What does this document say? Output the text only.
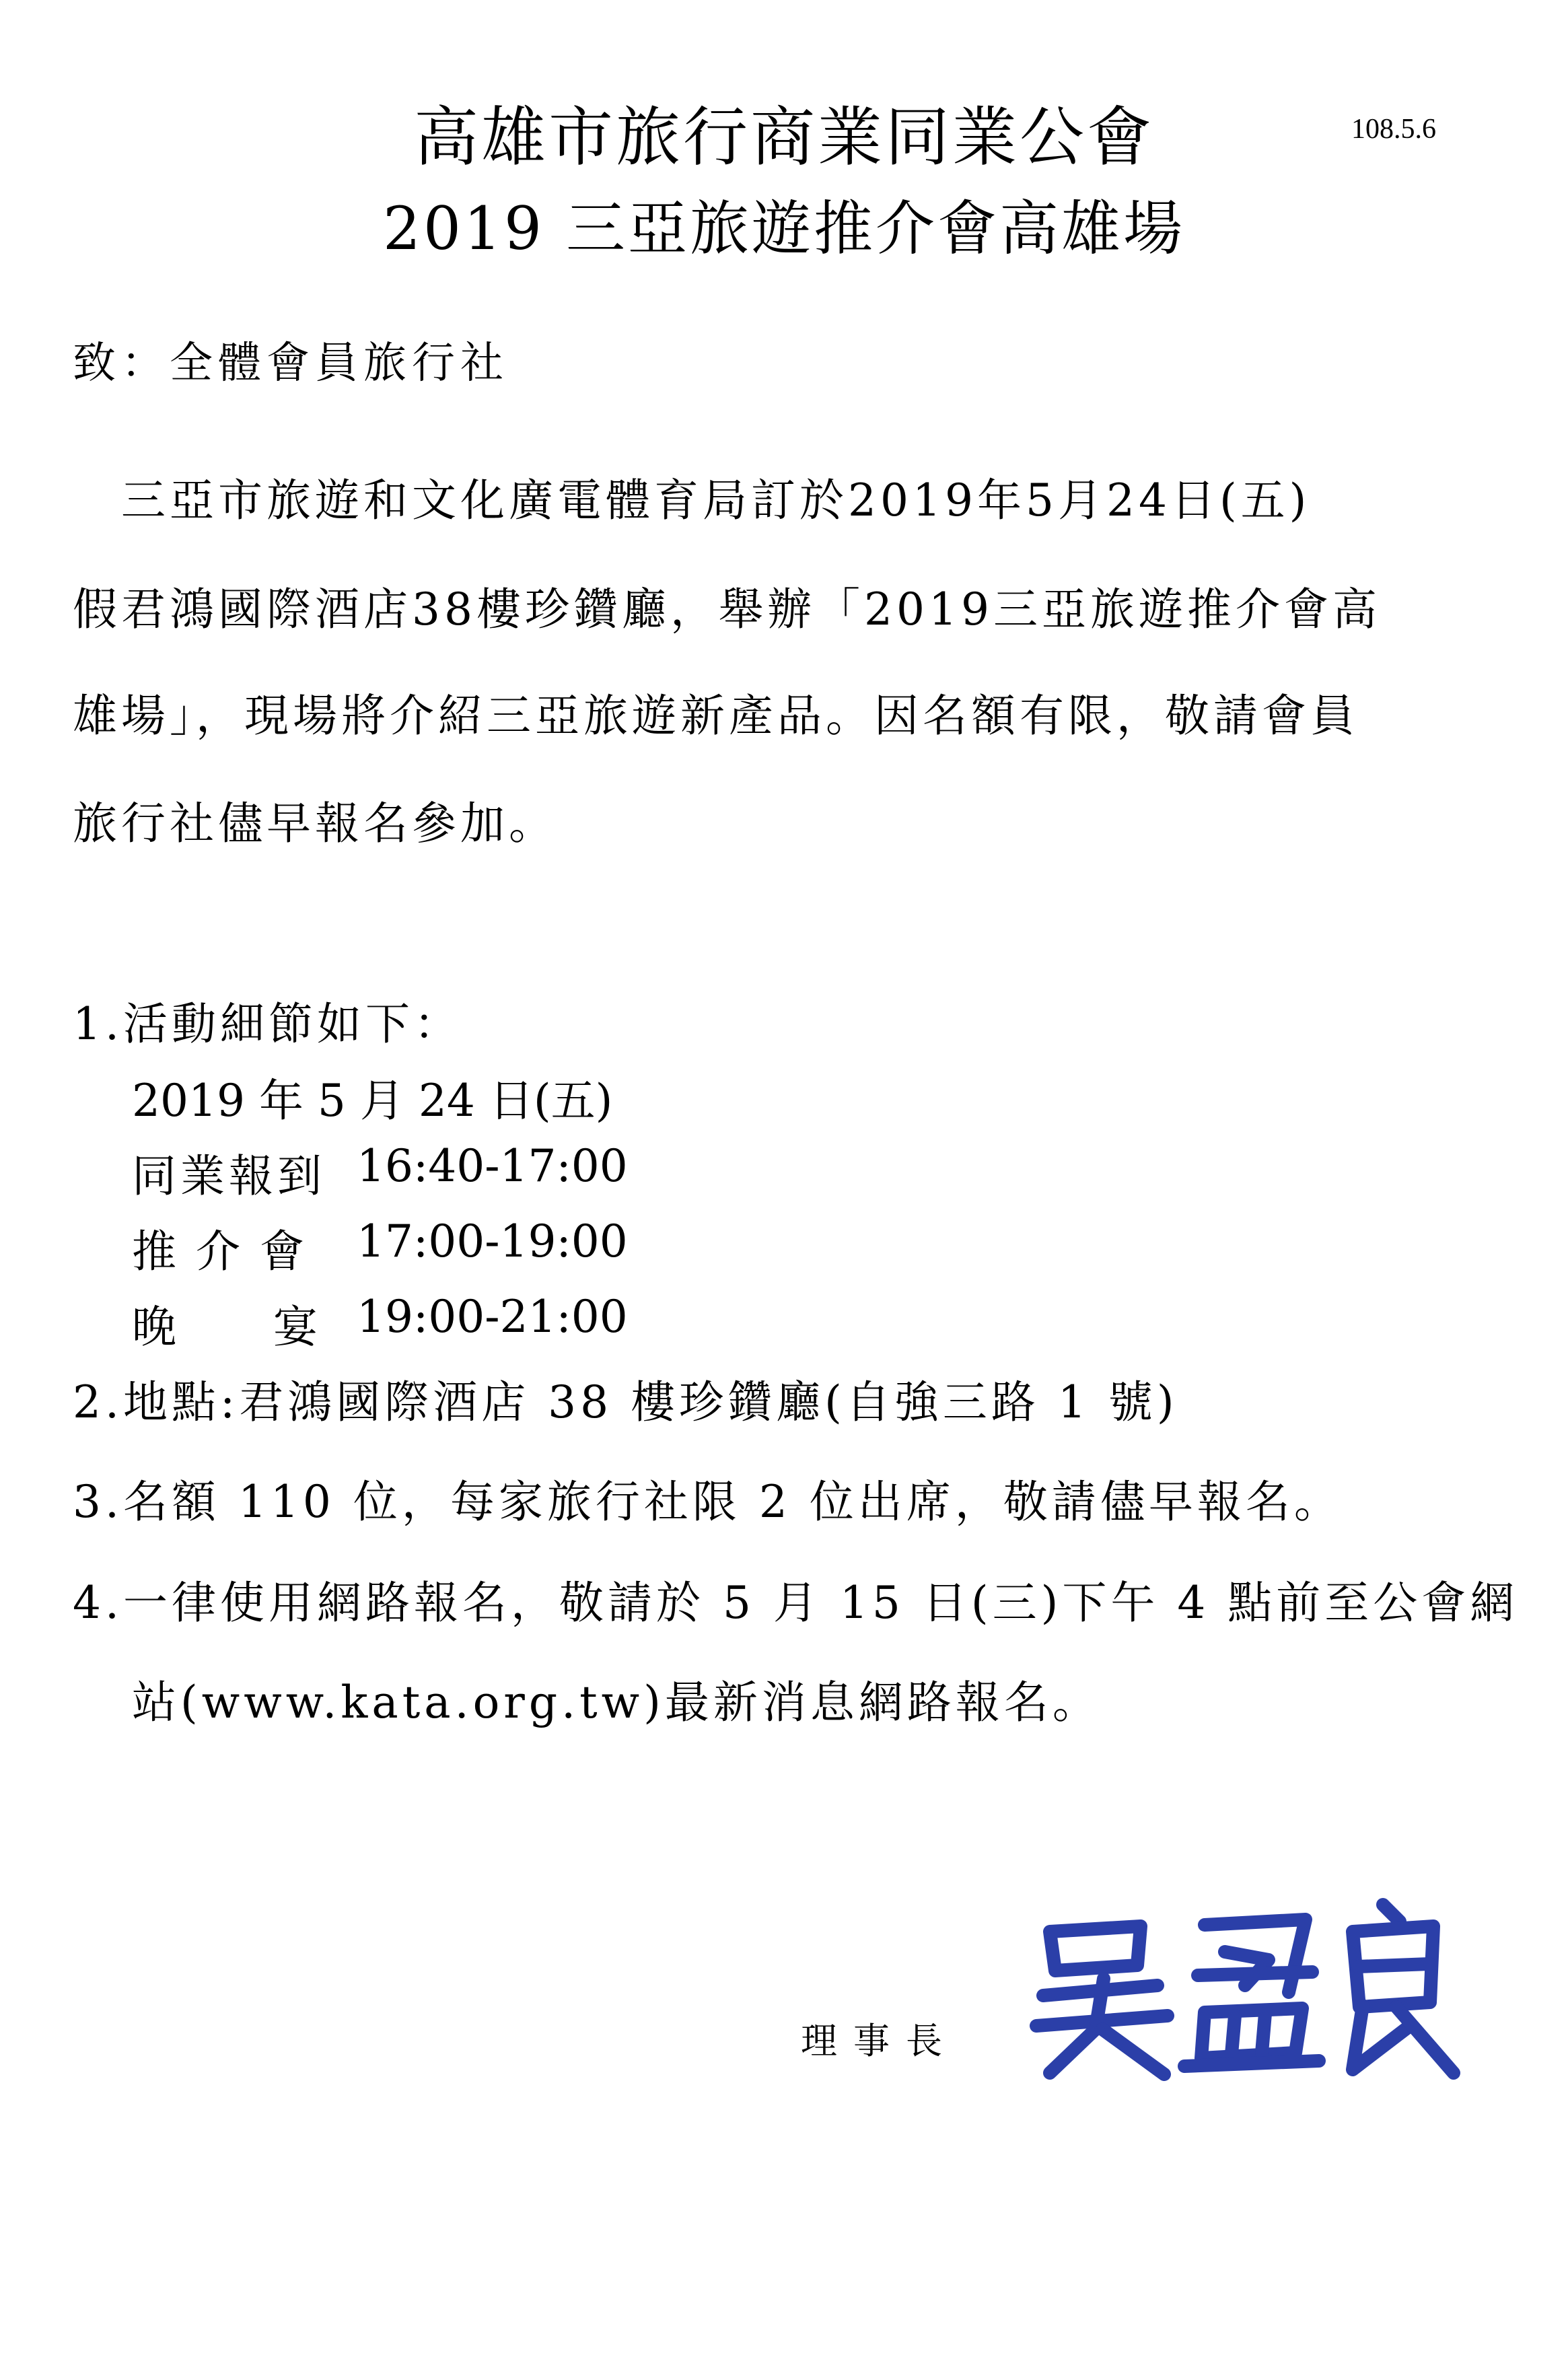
高雄市旅行商業同業公會
2019 三亞旅遊推介會高雄場
108.5.6
致：全體會員旅行社
　三亞市旅遊和文化廣電體育局訂於2019年5月24日(五)
假君鴻國際酒店38樓珍鑽廳，舉辦「2019三亞旅遊推介會高
雄場」，現場將介紹三亞旅遊新產品。因名額有限，敬請會員
旅行社儘早報名參加。
1.活動細節如下：
2019 年 5 月 24 日(五)
同業報到 16:40-17:00
推 介 會 17:00-19:00
晚　　宴 19:00-21:00
2.地點:君鴻國際酒店 38 樓珍鑽廳(自強三路 1 號)
3.名額 110 位，每家旅行社限 2 位出席，敬請儘早報名。
4.一律使用網路報名，敬請於 5 月 15 日(三)下午 4 點前至公會網
站(www.kata.org.tw)最新消息網路報名。
理事長
